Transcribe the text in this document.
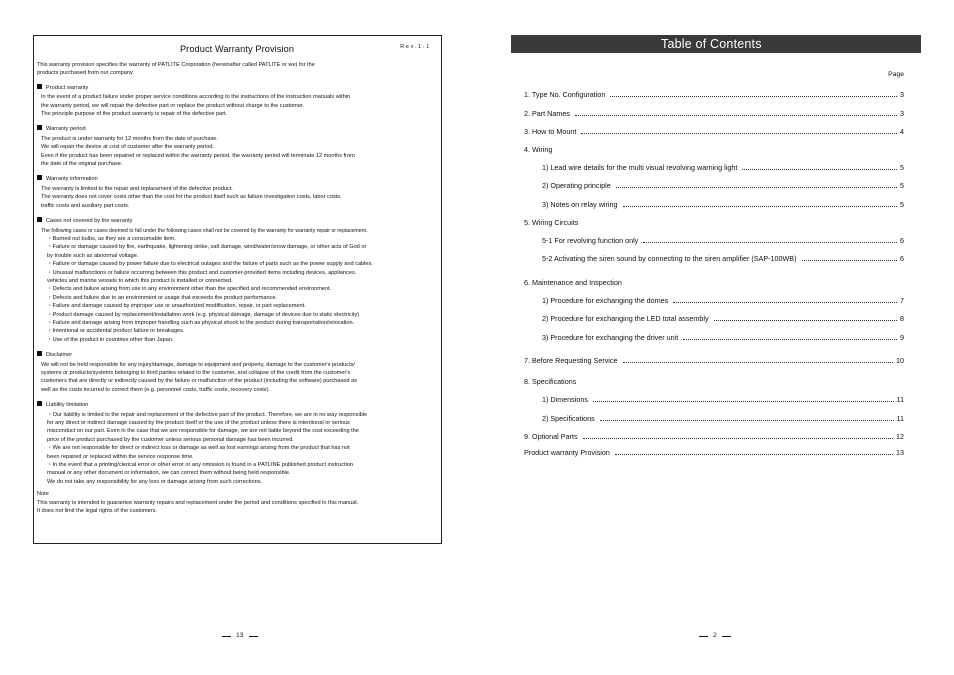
Product Warranty Provision	Rev.1.1
This warranty provision specifies the warranty of PATLITE Corporation (hereinafter called PATLITE or we) for the
products purchased from our company.
Product warranty
In the event of a product failure under proper service conditions according to the instructions of the instruction manuals within
the warranty period, we will repair the defective part or replace the product without charge to the customer.
The principle purpose of the product warranty is repair of the defective part.
Warranty period
The product is under warranty for 12 months from the date of purchase.
We will repair the device at cost of custamer after the warranty period.
Even if the product has been repaired or replaced within the warranty period, the warranty period will terminate 12 months from
the date of the original purchase.
Warranty information
The warranty is limited to the repair and replacement of the defective product.
The warranty does not cover costs other than the cost for the product itself such as failure investigation costs, labor costs,
traffic costs and auxiliary part costs.
Cases not covered by the warranty
The following cases or cases deemed to fall under the following cases shall not be covered by the warranty for warranty repair or replacement.
・Burned out bulbs, as they are a consumable item.
・Failure or damage caused by fire, earthquake, lightening strike, salt damage, wind/water/snow damage, or other acts of God or
by trouble such as abnormal voltage.
・Failure or damage caused by power failure due to electrical outages and the failure of parts such as the power supply and cables.
・Unusual malfunctions or failure occurring between this product and customer-provided items including devices, appliances,
vehicles and marine vessels to which this product is installed or connected.
・Defects and failure arising from use in any environment other than the specified and recommended environment.
・Defects and failure due to an environment or usage that exceeds the product performance.
・Failure and damage caused by improper use or unauthorized modification, repair, or part replacement.
・Product damage caused by replacement/installation work (e.g. physical damage, damage of devices due to static electricity)
・Failure and damage arising from improper handling such as physical shock to the product during transportation/relocation.
・Intentional or accidental product failure or breakages.
・Use of the product in countries other than Japan.
Disclaimer
We will not be held responsible for any injury/damage, damage to equipment and property, damage to the customer's products/
systems or products/systems belonging to third parties related to the customer, and collapse of the credit from the customer's
customers that are directly or indirectly caused by the failure or malfunction of the product (including the software) purchased as
well as the costs incurred to correct them (e.g. personnel costs, traffic costs, recovery costs).
Liability limitation
・Our liability is limited to the repair and replacement of the defective part of the product. Therefore, we are in no way responsible
for any direct or indirect damage caused by the product itself or the use of the product unless there is intentional or serious
misconduct on our part. Even in the case that we are responsible for damage, we are not liable beyond the cost exceeding the
price of the product purchased by the customer unless serious personal damage has been incurred.
・We are not responsible for direct or indirect loss or damage as well as lost earnings arising from the product that has not
been repaired or replaced within the service response time.
・In the event that a printing/clerical error or other error or any omission is found in a PATLINE published product instruction
manual or any other document or information, we can correct them without being held responsible.
We do not take any responsibility for any loss or damage arising from such corrections.
Note
This warranty is intended to guarantee warranty repairs and replacement under the period and conditions specified in this manual.
It does not limit the legal rights of the customers.
13
Table of Contents
Page
1. Type No. Configuration	3
2. Part Names	3
3. How to Mount	4
4. Wiring
1) Lead wire details for the multi visual revolving warning light	5
2) Operating principle	5
3) Notes on relay wiring	5
5. Wiring Circuits
5-1 For revolving function only	6
5-2 Activating the siren sound by connecting to the siren amplifier (SAP-100WB)	6
6. Maintenance and Inspection
1) Procedure for exchanging the domes	7
2) Procedure for exchanging the LED total assembly	8
3) Procedure for exchanging the driver unit	9
7. Before Requesting Service	10
8. Specifications
1) Dimensions	11
2) Specifications	11
9. Optional Parts	12
Product warranty Provision	13
2
